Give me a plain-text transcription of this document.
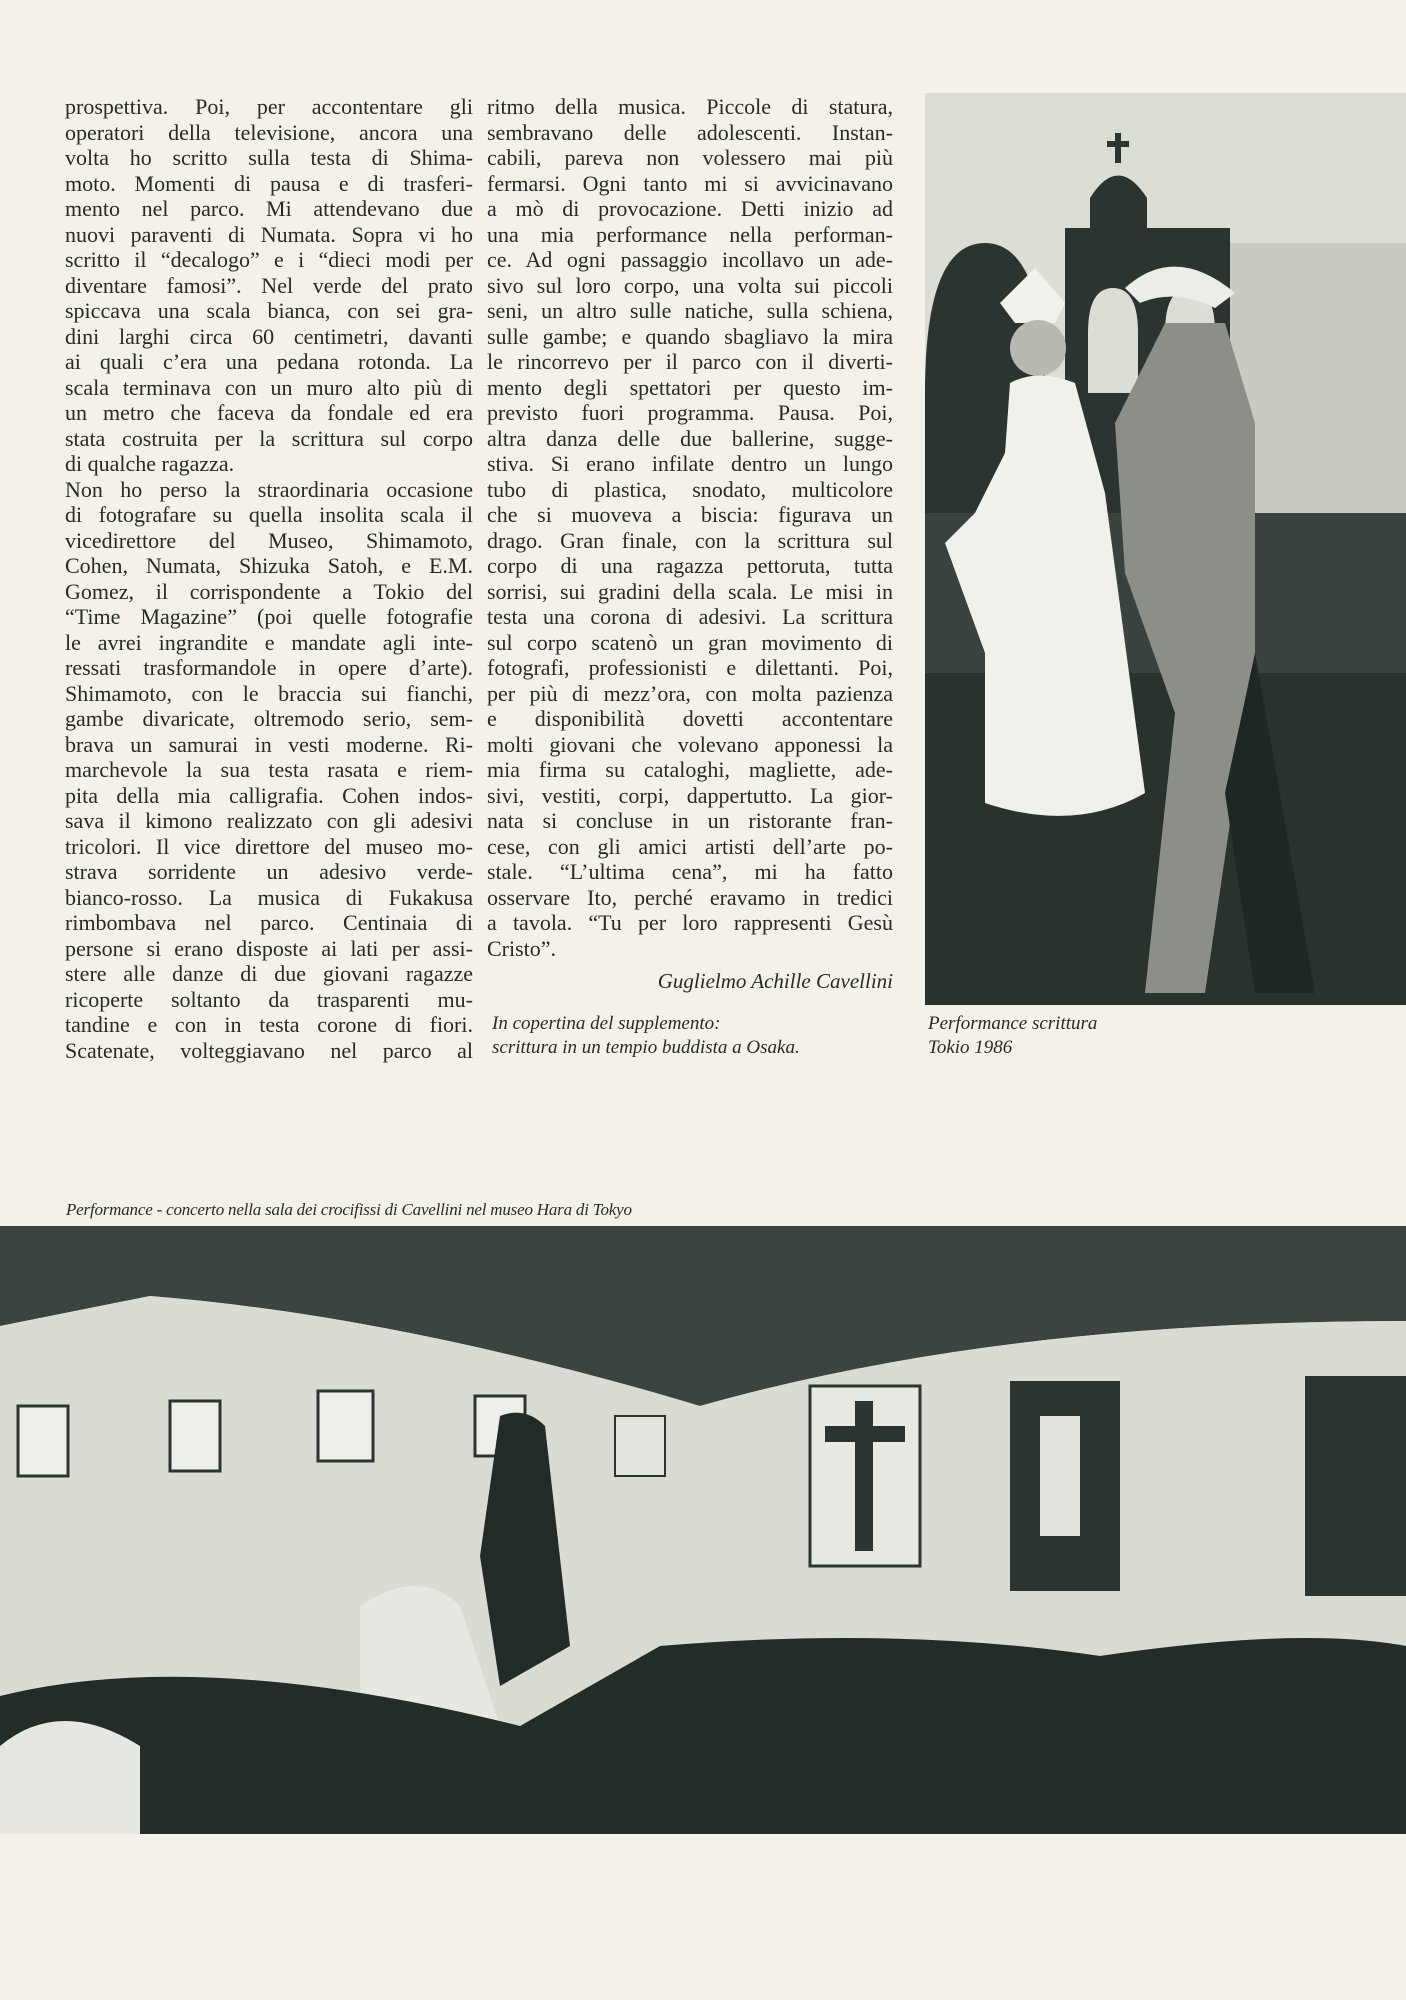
prospettiva. Poi, per accontentare gli
operatori della televisione, ancora una
volta ho scritto sulla testa di Shima-
moto. Momenti di pausa e di trasferi-
mento nel parco. Mi attendevano due
nuovi paraventi di Numata. Sopra vi ho
scritto il “decalogo” e i “dieci modi per
diventare famosi”. Nel verde del prato
spiccava una scala bianca, con sei gra-
dini larghi circa 60 centimetri, davanti
ai quali c’era una pedana rotonda. La
scala terminava con un muro alto più di
un metro che faceva da fondale ed era
stata costruita per la scrittura sul corpo
di qualche ragazza.
Non ho perso la straordinaria occasione
di fotografare su quella insolita scala il
vicedirettore del Museo, Shimamoto,
Cohen, Numata, Shizuka Satoh, e E.M.
Gomez, il corrispondente a Tokio del
“Time Magazine” (poi quelle fotografie
le avrei ingrandite e mandate agli inte-
ressati trasformandole in opere d’arte).
Shimamoto, con le braccia sui fianchi,
gambe divaricate, oltremodo serio, sem-
brava un samurai in vesti moderne. Ri-
marchevole la sua testa rasata e riem-
pita della mia calligrafia. Cohen indos-
sava il kimono realizzato con gli adesivi
tricolori. Il vice direttore del museo mo-
strava sorridente un adesivo verde-
bianco-rosso. La musica di Fukakusa
rimbombava nel parco. Centinaia di
persone si erano disposte ai lati per assi-
stere alle danze di due giovani ragazze
ricoperte soltanto da trasparenti mu-
tandine e con in testa corone di fiori.
Scatenate, volteggiavano nel parco al
ritmo della musica. Piccole di statura,
sembravano delle adolescenti. Instan-
cabili, pareva non volessero mai più
fermarsi. Ogni tanto mi si avvicinavano
a mò di provocazione. Detti inizio ad
una mia performance nella performan-
ce. Ad ogni passaggio incollavo un ade-
sivo sul loro corpo, una volta sui piccoli
seni, un altro sulle natiche, sulla schiena,
sulle gambe; e quando sbagliavo la mira
le rincorrevo per il parco con il diverti-
mento degli spettatori per questo im-
previsto fuori programma. Pausa. Poi,
altra danza delle due ballerine, sugge-
stiva. Si erano infilate dentro un lungo
tubo di plastica, snodato, multicolore
che si muoveva a biscia: figurava un
drago. Gran finale, con la scrittura sul
corpo di una ragazza pettoruta, tutta
sorrisi, sui gradini della scala. Le misi in
testa una corona di adesivi. La scrittura
sul corpo scatenò un gran movimento di
fotografi, professionisti e dilettanti. Poi,
per più di mezz’ora, con molta pazienza
e disponibilità dovetti accontentare
molti giovani che volevano apponessi la
mia firma su cataloghi, magliette, ade-
sivi, vestiti, corpi, dappertutto. La gior-
nata si concluse in un ristorante fran-
cese, con gli amici artisti dell’arte po-
stale. “L’ultima cena”, mi ha fatto
osservare Ito, perché eravamo in tredici
a tavola. “Tu per loro rappresenti Gesù
Cristo”.
Guglielmo Achille Cavellini
In copertina del supplemento:
scrittura in un tempio buddista a Osaka.
Performance scrittura
Tokio 1986
Performance - concerto nella sala dei crocifissi di Cavellini nel museo Hara di Tokyo
